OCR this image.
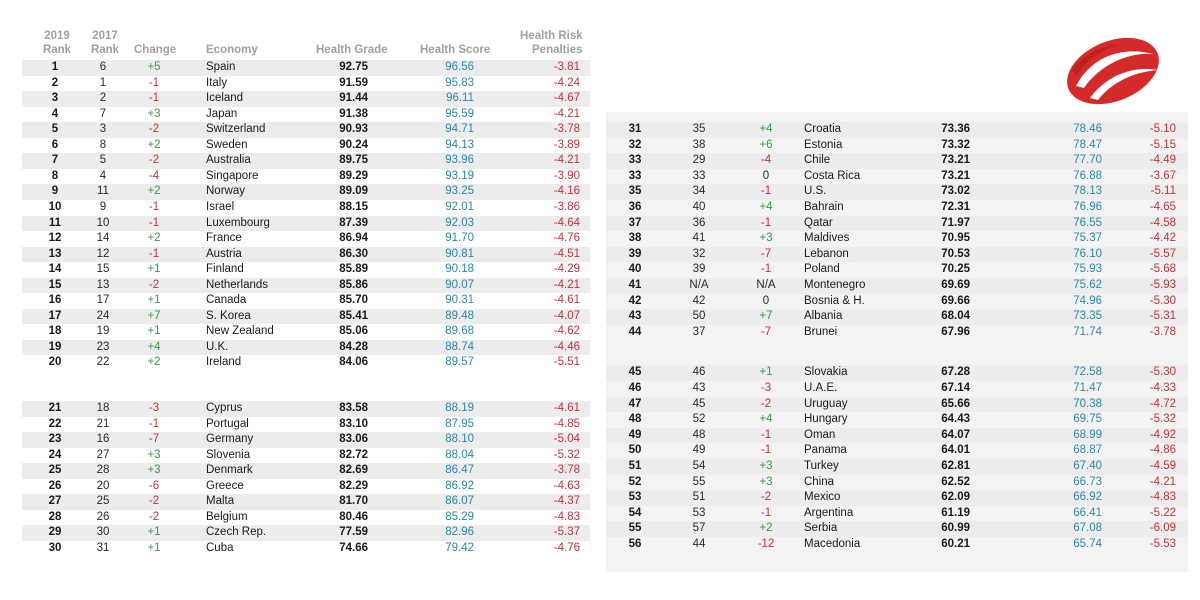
2019
Rank
2017
Rank Change	Economy	Health Grade	Health Score
Health Risk
Penalties
1	6	+5	Spain	92.75	96.56	-3.81
2	1	-1	Italy	91.59	95.83	-4.24
3	2	-1	Iceland	91.44	96.11	-4.67
4	7	+3	Japan	91.38	95.59	-4.21
5	3	-2	Switzerland	90.93	94.71	-3.78
6	8	+2	Sweden	90.24	94.13	-3.89
7	5	-2	Australia	89.75	93.96	-4.21
8	4	-4	Singapore	89.29	93.19	-3.90
9	11	+2	Norway	89.09	93.25	-4.16
10	9	-1	Israel	88.15	92.01	-3.86
11	10	-1	Luxembourg	87.39	92.03	-4.64
12	14	+2	France	86.94	91.70	-4.76
13	12	-1	Austria	86.30	90.81	-4.51
14	15	+1	Finland	85.89	90.18	-4.29
15	13	-2	Netherlands	85.86	90.07	-4.21
16	17	+1	Canada	85.70	90.31	-4.61
17	24	+7	S. Korea	85.41	89.48	-4.07
18	19	+1	New Zealand	85.06	89.68	-4.62
19	23	+4	U.K.	84.28	88.74	-4.46
20	22	+2	Ireland	84.06	89.57	-5.51
21	18	-3	Cyprus	83.58	88.19	-4.61
22	21	-1	Portugal	83.10	87.95	-4.85
23	16	-7	Germany	83.06	88.10	-5.04
24	27	+3	Slovenia	82.72	88.04	-5.32
25	28	+3	Denmark	82.69	86.47	-3.78
26	20	-6	Greece	82.29	86.92	-4.63
27	25	-2	Malta	81.70	86.07	-4.37
28	26	-2	Belgium	80.46	85.29	-4.83
29	30	+1	Czech Rep.	77.59	82.96	-5.37
30	31	+1	Cuba	74.66	79.42	-4.76
31	35	+4	Croatia	73.36	78.46	-5.10
32	38	+6	Estonia	73.32	78.47	-5.15
33	29	-4	Chile	73.21	77.70	-4.49
33	33	0	Costa Rica	73.21	76.88	-3.67
35	34	-1	U.S.	73.02	78.13	-5.11
36	40	+4	Bahrain	72.31	76.96	-4.65
37	36	-1	Qatar	71.97	76.55	-4.58
38	41	+3	Maldives	70.95	75.37	-4.42
39	32	-7	Lebanon	70.53	76.10	-5.57
40	39	-1	Poland	70.25	75.93	-5.68
41	N/A	N/A	Montenegro	69.69	75.62	-5.93
42	42	0	Bosnia & H.	69.66	74.96	-5.30
43	50	+7	Albania	68.04	73.35	-5.31
44	37	-7	Brunei	67.96	71.74	-3.78
45	46	+1	Slovakia	67.28	72.58	-5.30
46	43	-3	U.A.E.	67.14	71.47	-4.33
47	45	-2	Uruguay	65.66	70.38	-4.72
48	52	+4	Hungary	64.43	69.75	-5.32
49	48	-1	Oman	64.07	68.99	-4.92
50	49	-1	Panama	64.01	68.87	-4.86
51	54	+3	Turkey	62.81	67.40	-4.59
52	55	+3	China	62.52	66.73	-4.21
53	51	-2	Mexico	62.09	66.92	-4.83
54	53	-1	Argentina	61.19	66.41	-5.22
55	57	+2	Serbia	60.99	67.08	-6.09
56	44	-12	Macedonia	60.21	65.74	-5.53
